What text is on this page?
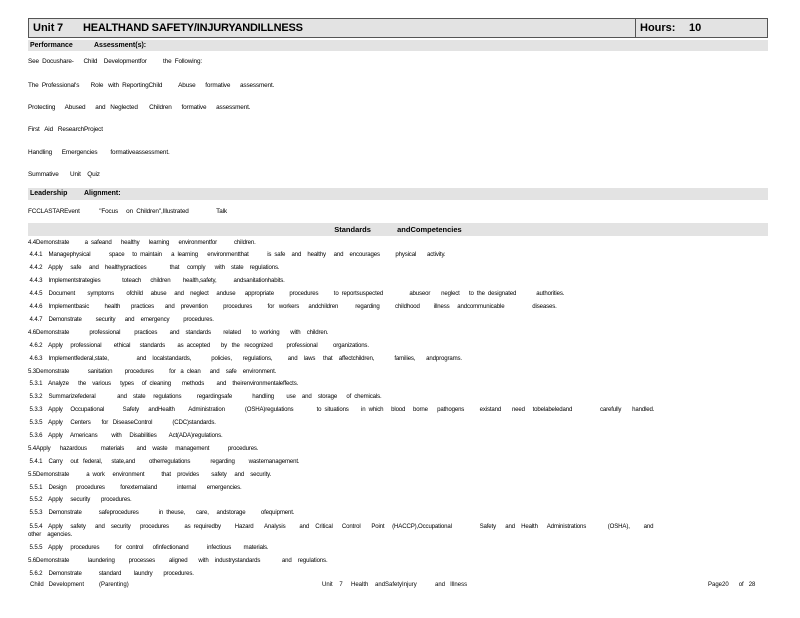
Unit 7 HEALTHAND SAFETY/INJURYANDILLNESS	Hours: 10
Performance	Assessment(s):
See  Docushare-      Child    Developmentfor          the  Following:
The  Professional's       Role   with  ReportingChild          Abuse      formative      assessment.
Protecting      Abused      and   Neglected       Children      formative      assessment.
First   Aid   ResearchProject
Handling      Emergencies        formativeassessment.
Summative       Unit    Quiz
Leadership Alignment:
FCCLASTAREvent            "Focus     on  Children",Illustrated                 Talk
Standards	andCompetencies
4.4Demonstrate          a  safeand      healthy      learning      environmentfor           children.
4.4.1    Managephysical            space     to  maintain      a  learning      environmentthat            is  safe    and    healthy     and    encourages          physical       activity.
4.4.2    Apply     safe     and    healthypractices               that     comply      with    state    regulations.
4.4.3    Implementstrategies              toteach      children        health,safety,           andsanitationhabits.
4.4.5    Document        symptoms        ofchild     abuse     and    neglect     anduse      appropriate          procedures          to  reportsuspected                 abuseor       neglect      to  the  designated             authorities.
4.4.6    Implementbasic          health       practices       and    prevention          procedures          for   workers      andchildren           regarding          childhood         illness     andcommunicable                  diseases.
4.4.7    Demonstrate         security      and    emergency         procedures.
4.6Demonstrate             professional         practices        and    standards        related       to  working       with    children.
4.6.2    Apply     professional        ethical      standards        as  accepted       by   the   recognized         professional          organizations.
4.6.3    Implementfederal,state,                  and    localstandards,             policies,       regulations,          and    laws     that    affectchildren,             families,       andprograms.
5.3Demonstrate            sanitation        procedures          for   a  clean      and    safe    environment.
5.3.1    Analyze      the    various      types     of  cleaning       methods        and    theirenvironmentaleffects.
5.3.2    Summarizefederal              and    state     regulations          regardingsafe             handling        use    and    storage      of  chemicals.
5.3.3    Apply     Occupational            Safety      andHealth         Administration             (OSHA)regulations               to  situations        in  which     blood     borne      pathogens          existand       need     tobelabeledand                  carefully       handled.
5.3.5    Apply     Centers       for   DiseaseControl             (CDC)standards.
5.3.6    Apply     Americans         with     Disabilities        Act(ADA)regulations.
5.4Apply      hazardous         materials        and    waste     management            procedures.
5.4.1    Carry     out   federal,      state,and         otherregulations             regarding         wastemanagement.
5.5Demonstrate           a  work     environment           that    provides        safety     and    security.
5.5.1    Design      procedures          forexternaland             internal       emergencies.
5.5.2    Apply     security       procedures.
5.5.3    Demonstrate           safeprocedures             in  theuse,       care,     andstorage          ofequipment.
5.5.4    Apply     safety      and    security      procedures          as  requiredby         Hazard       Analysis         and    Critical      Control       Point     (HACCP),Occupational                  Safety      and    Health      Administrations              (OSHA),         and
other    agencies.
5.5.5    Apply     procedures          for   control      ofinfectionand            infectious        materials.
5.6Demonstrate            laundering         processes         aligned       with    industrystandards              and    regulations.
5.6.2    Demonstrate           standard        laundry       procedures.
Child   Development         (Parenting)	Unit    7     Health    andSafetyInjury           and   Illness	Page20      of   28
